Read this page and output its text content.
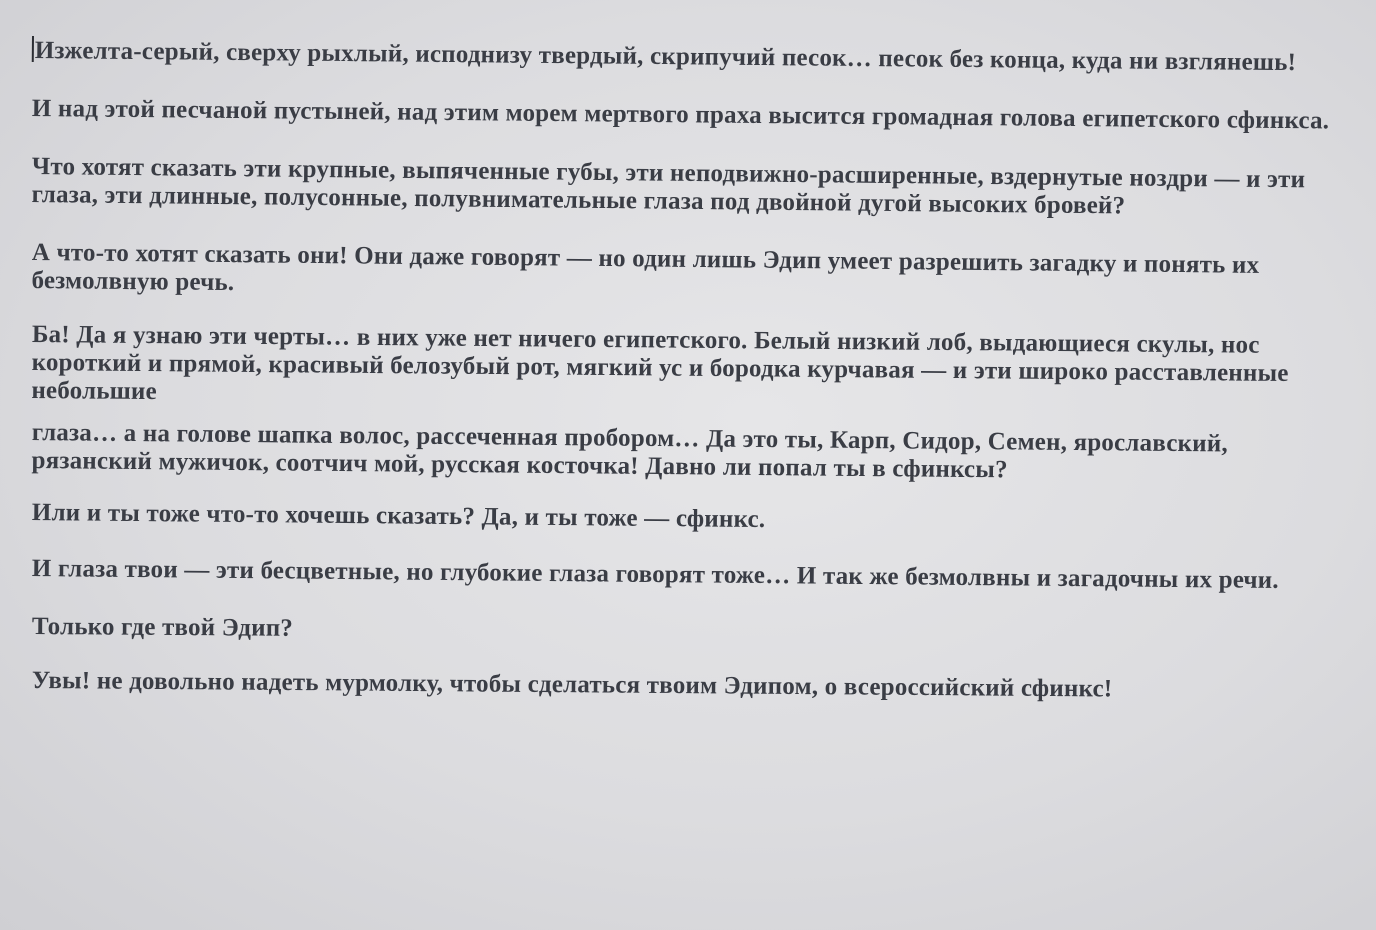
Изжелта-серый, сверху рыхлый, исподнизу твердый, скрипучий песок… песок без конца, куда ни взглянешь!

И над этой песчаной пустыней, над этим морем мертвого праха высится громадная голова египетского сфинкса.

Что хотят сказать эти крупные, выпяченные губы, эти неподвижно-расширенные, вздернутые ноздри — и эти глаза, эти длинные, полусонные, полувнимательные глаза под двойной дугой высоких бровей?

А что-то хотят сказать они! Они даже говорят — но один лишь Эдип умеет разрешить загадку и понять их безмолвную речь.

Ба! Да я узнаю эти черты… в них уже нет ничего египетского. Белый низкий лоб, выдающиеся скулы, нос короткий и прямой, красивый белозубый рот, мягкий ус и бородка курчавая — и эти широко расставленные небольшие

глаза… а на голове шапка волос, рассеченная пробором… Да это ты, Карп, Сидор, Семен, ярославский, рязанский мужичок, соотчич мой, русская косточка! Давно ли попал ты в сфинксы?

Или и ты тоже что-то хочешь сказать? Да, и ты тоже — сфинкс.

И глаза твои — эти бесцветные, но глубокие глаза говорят тоже… И так же безмолвны и загадочны их речи.

Только где твой Эдип?

Увы! не довольно надеть мурмолку, чтобы сделаться твоим Эдипом, о всероссийский сфинкс!
